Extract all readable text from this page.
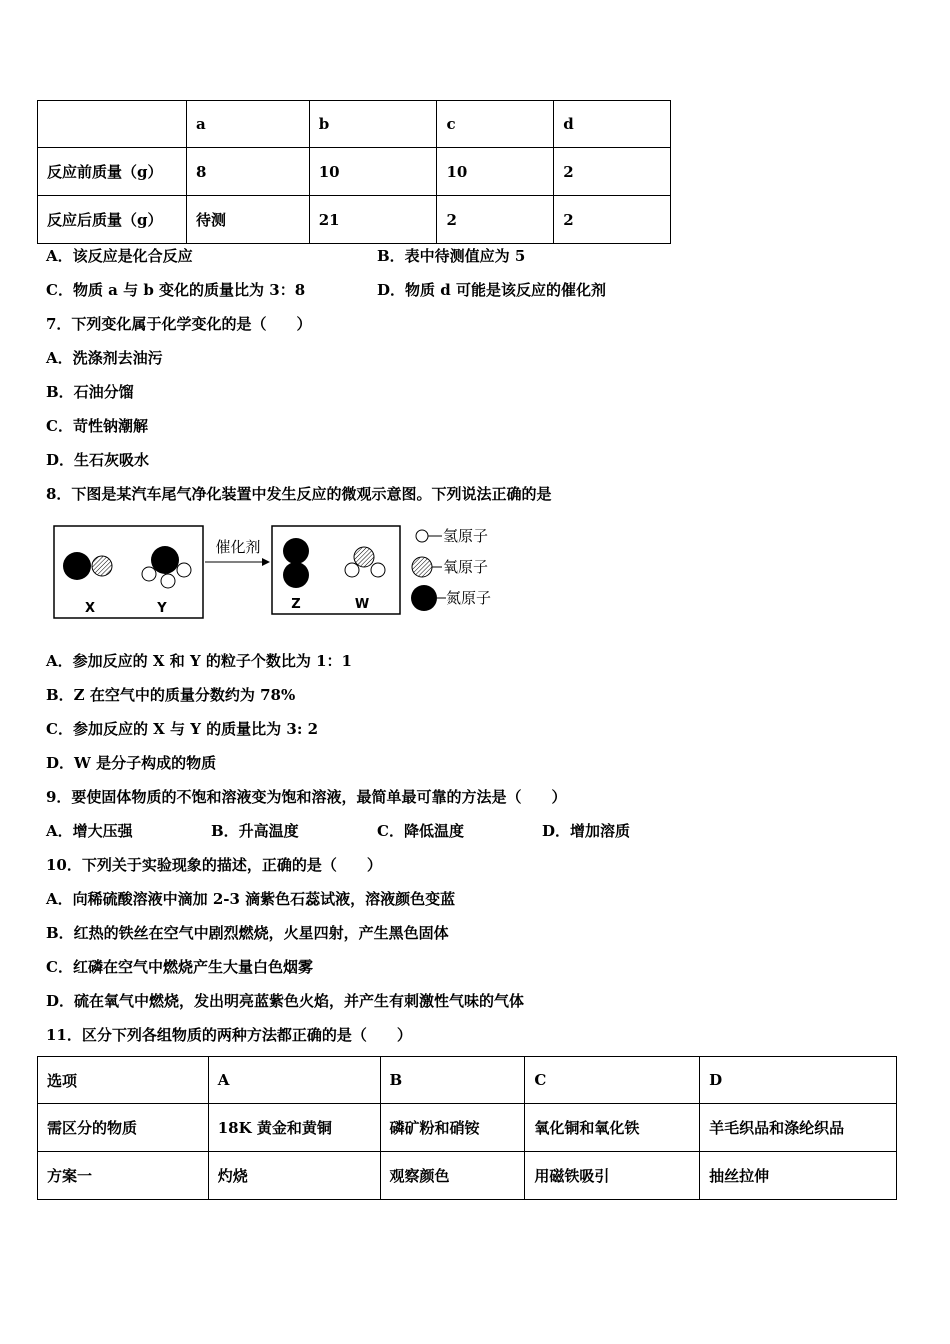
	a	b	c	d
反应前质量（g）	8	10	10	2
反应后质量（g）	待测	21	2	2
A．该反应是化合反应	B．表中待测值应为 5
C．物质 a 与 b 变化的质量比为 3：8	D．物质 d 可能是该反应的催化剂
7．下列变化属于化学变化的是（　　）
A．洗涤剂去油污
B．石油分馏
C．苛性钠潮解
D．生石灰吸水
8．下图是某汽车尾气净化装置中发生反应的微观示意图。下列说法正确的是
X	Y
催化剂
Z	W
氢原子
氧原子
氮原子
A．参加反应的 X 和 Y 的粒子个数比为 1：1
B．Z 在空气中的质量分数约为 78%
C．参加反应的 X 与 Y 的质量比为 3: 2
D．W 是分子构成的物质
9．要使固体物质的不饱和溶液变为饱和溶液，最简单最可靠的方法是（　　）
A．增大压强	B．升高温度	C．降低温度	D．增加溶质
10．下列关于实验现象的描述，正确的是（　　）
A．向稀硫酸溶液中滴加 2-3 滴紫色石蕊试液，溶液颜色变蓝
B．红热的铁丝在空气中剧烈燃烧，火星四射，产生黑色固体
C．红磷在空气中燃烧产生大量白色烟雾
D．硫在氧气中燃烧，发出明亮蓝紫色火焰，并产生有刺激性气味的气体
11．区分下列各组物质的两种方法都正确的是（　　）
选项	A	B	C	D
需区分的物质	18K 黄金和黄铜	磷矿粉和硝铵	氧化铜和氧化铁	羊毛织品和涤纶织品
方案一	灼烧	观察颜色	用磁铁吸引	抽丝拉伸
